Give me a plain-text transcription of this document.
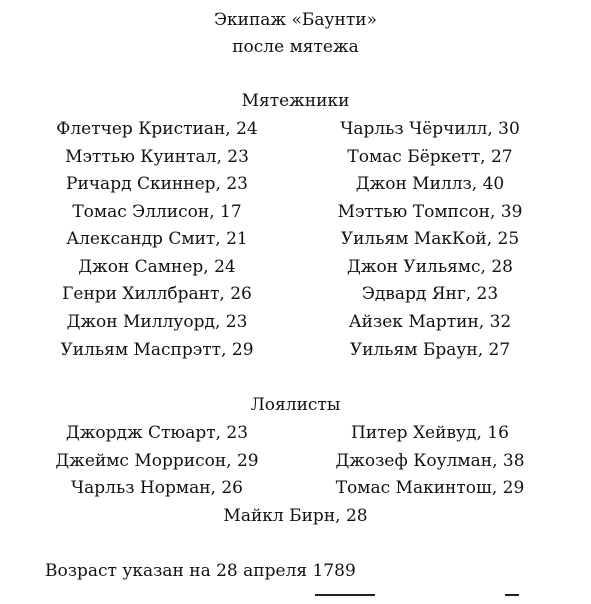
Экипаж «Баунти»
после мятежа
Мятежники
Флетчер Кристиан, 24
Мэттью Куинтал, 23
Ричард Скиннер, 23
Томас Эллисон, 17
Александр Смит, 21
Джон Самнер, 24
Генри Хиллбрант, 26
Джон Миллуорд, 23
Уильям Маспрэтт, 29
Чарльз Чёрчилл, 30
Томас Бёркетт, 27
Джон Миллз, 40
Мэттью Томпсон, 39
Уильям МакКой, 25
Джон Уильямс, 28
Эдвард Янг, 23
Айзек Мартин, 32
Уильям Браун, 27
Лоялисты
Джордж Стюарт, 23
Джеймс Моррисон, 29
Чарльз Норман, 26
Питер Хейвуд, 16
Джозеф Коулман, 38
Томас Макинтош, 29
Майкл Бирн, 28
Возраст указан на 28 апреля 1789
